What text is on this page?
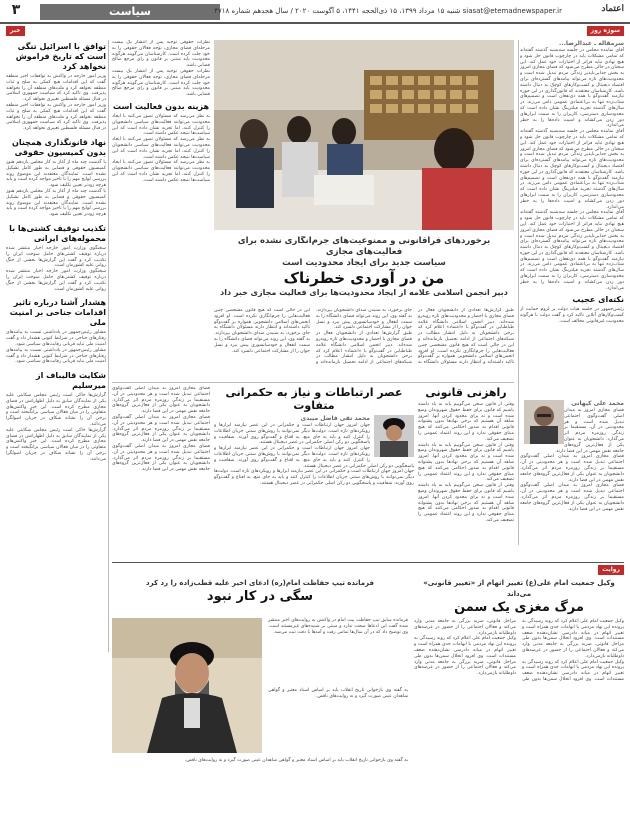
۳	سیاست	siasat@etemadnewspaper.ir شنبه ۱۵ مرداد ۱۳۹۹، ۱۵ ذی‌الحجه ۱۴۴۱، ۵ آگوست ۲۰۲۰ / سال هجدهم شماره ۴۷۱۸	اعتماد
سوژه روز
خبر
سرمقاله ـ عبدالرضا...
آقای نماینده مجلس در جلسه سه‌شنبه گذشته گفته‌اند که تمامی مشکلات باید در چارچوب قانون حل شود و هیچ نهادی نباید فراتر از اختیارات خود عمل کند. این سخنان در حالی مطرح می‌شود که فضای مجازی امروز به بخش جدایی‌ناپذیر زندگی مردم تبدیل شده است و محدودیت‌های تازه می‌تواند پیامدهای گسترده‌ای برای اقتصاد دیجیتال و کسب‌وکارهای کوچک به دنبال داشته باشد. کارشناسان معتقدند که قانون‌گذاری در این حوزه نیازمند گفت‌وگو با همه ذی‌نفعان است و تصمیم‌های شتاب‌زده تنها به بی‌اعتمادی عمومی دامن می‌زند. در سال‌های گذشته تجربه فیلترینگ نشان داده است که محدودسازی دسترسی، کاربران را به سمت ابزارهای دور زدن می‌کشاند و امنیت داده‌ها را به خطر می‌اندازد.
آقای نماینده مجلس در جلسه سه‌شنبه گذشته گفته‌اند که تمامی مشکلات باید در چارچوب قانون حل شود و هیچ نهادی نباید فراتر از اختیارات خود عمل کند. این سخنان در حالی مطرح می‌شود که فضای مجازی امروز به بخش جدایی‌ناپذیر زندگی مردم تبدیل شده است و محدودیت‌های تازه می‌تواند پیامدهای گسترده‌ای برای اقتصاد دیجیتال و کسب‌وکارهای کوچک به دنبال داشته باشد. کارشناسان معتقدند که قانون‌گذاری در این حوزه نیازمند گفت‌وگو با همه ذی‌نفعان است و تصمیم‌های شتاب‌زده تنها به بی‌اعتمادی عمومی دامن می‌زند. در سال‌های گذشته تجربه فیلترینگ نشان داده است که محدودسازی دسترسی، کاربران را به سمت ابزارهای دور زدن می‌کشاند و امنیت داده‌ها را به خطر می‌اندازد.
آقای نماینده مجلس در جلسه سه‌شنبه گذشته گفته‌اند که تمامی مشکلات باید در چارچوب قانون حل شود و هیچ نهادی نباید فراتر از اختیارات خود عمل کند. این سخنان در حالی مطرح می‌شود که فضای مجازی امروز به بخش جدایی‌ناپذیر زندگی مردم تبدیل شده است و محدودیت‌های تازه می‌تواند پیامدهای گسترده‌ای برای اقتصاد دیجیتال و کسب‌وکارهای کوچک به دنبال داشته باشد. کارشناسان معتقدند که قانون‌گذاری در این حوزه نیازمند گفت‌وگو با همه ذی‌نفعان است و تصمیم‌های شتاب‌زده تنها به بی‌اعتمادی عمومی دامن می‌زند. در سال‌های گذشته تجربه فیلترینگ نشان داده است که محدودسازی دسترسی، کاربران را به سمت ابزارهای دور زدن می‌کشاند و امنیت داده‌ها را به خطر می‌اندازد.
نکته‌ای عجیب
رئیس‌جمهور در جلسه هیات دولت بر لزوم حمایت از کسب‌وکارهای آنلاین تاکید کرد و گفت دولت با هرگونه محدودیت غیرقانونی مخالف است.
برخوردهای فراقانونی و ممنوعیت‌های جرم‌انگاری نشده برای فعالیت‌های مجازی
سیاست جدید برای ایجاد محدودیت است
من در آوردی خطرناک
دبیر انجمن اسلامی علامه از ایجاد محدودیت‌ها برای فعالیت مجازی خبر داد
طبق گزارش‌ها تعدادی از دانشجویان فعال در فضای مجازی با احضار و محدودیت‌های تازه روبه‌رو شده‌اند. دبیر انجمن اسلامی دانشگاه علامه طباطبایی در گفت‌وگو با «اعتماد» اعلام کرد که برخی دانشجویان به دلیل انتشار مطالب در شبکه‌های اجتماعی از ادامه تحصیل بازمانده‌اند و این در حالی است که هیچ قانون مشخصی چنین فعالیت‌هایی را جرم‌انگاری نکرده است. او افزود انجمن‌های اسلامی دانشجویی همواره بر گفت‌وگو تاکید داشته‌اند و انتظار دارند مسئولان دانشگاه به جای برخورد، به شنیدن صدای دانشجویان بپردازند. به گفته وی، این روند می‌تواند فضای دانشگاه را به سمت انفعال و خودسانسوری پیش ببرد و نسل جوان را از مشارکت اجتماعی دلسرد کند.
طبق گزارش‌ها تعدادی از دانشجویان فعال در فضای مجازی با احضار و محدودیت‌های تازه روبه‌رو شده‌اند. دبیر انجمن اسلامی دانشگاه علامه طباطبایی در گفت‌وگو با «اعتماد» اعلام کرد که برخی دانشجویان به دلیل انتشار مطالب در شبکه‌های اجتماعی از ادامه تحصیل بازمانده‌اند و این در حالی است که هیچ قانون مشخصی چنین فعالیت‌هایی را جرم‌انگاری نکرده است. او افزود انجمن‌های اسلامی دانشجویی همواره بر گفت‌وگو تاکید داشته‌اند و انتظار دارند مسئولان دانشگاه به جای برخورد، به شنیدن صدای دانشجویان بپردازند. به گفته وی، این روند می‌تواند فضای دانشگاه را به سمت انفعال و خودسانسوری پیش ببرد و نسل جوان را از مشارکت اجتماعی دلسرد کند.
توافق با اسرائیل تنگی است که تاریخ فراموش نخواهد کرد
وزیر امور خارجه در واکنش به توافقات اخیر منطقه گفت که این اقدامات هیچ کمکی به صلح و ثبات منطقه نخواهد کرد و ملت‌های منطقه آن را نخواهند پذیرفت. وی تاکید کرد که سیاست جمهوری اسلامی در قبال مسئله فلسطین تغییری نخواهد کرد.
وزیر امور خارجه در واکنش به توافقات اخیر منطقه گفت که این اقدامات هیچ کمکی به صلح و ثبات منطقه نخواهد کرد و ملت‌های منطقه آن را نخواهند پذیرفت. وی تاکید کرد که سیاست جمهوری اسلامی در قبال مسئله فلسطین تغییری نخواهد کرد.
نهاد قانونگذاری همچنان بدون کمیسیون حقوقی
با گذشت چند ماه از آغاز به کار مجلس یازدهم هنوز کمیسیون حقوقی و قضایی به طور کامل تشکیل نشده است. نمایندگان معتقدند این موضوع روند بررسی لوایح مهم را با تاخیر مواجه کرده است و باید هرچه زودتر تعیین تکلیف شود.
با گذشت چند ماه از آغاز به کار مجلس یازدهم هنوز کمیسیون حقوقی و قضایی به طور کامل تشکیل نشده است. نمایندگان معتقدند این موضوع روند بررسی لوایح مهم را با تاخیر مواجه کرده است و باید هرچه زودتر تعیین تکلیف شود.
تکذیب توقیف کشتی‌ها با محموله‌های ایرانی
سخنگوی وزارت امور خارجه اخبار منتشر شده درباره توقیف کشتی‌های حامل سوخت ایران را تکذیب کرد و گفت این گزارش‌ها بخشی از جنگ روانی علیه کشورمان است.
سخنگوی وزارت امور خارجه اخبار منتشر شده درباره توقیف کشتی‌های حامل سوخت ایران را تکذیب کرد و گفت این گزارش‌ها بخشی از جنگ روانی علیه کشورمان است.
هشدار آشنا درباره تاثیر اقدامات جناحی بر امنیت ملی
مشاور رئیس‌جمهور در یادداشتی نسبت به پیامدهای رفتارهای جناحی در شرایط کنونی هشدار داد و گفت امنیت ملی نباید قربانی رقابت‌های سیاسی شود.
مشاور رئیس‌جمهور در یادداشتی نسبت به پیامدهای رفتارهای جناحی در شرایط کنونی هشدار داد و گفت امنیت ملی نباید قربانی رقابت‌های سیاسی شود.
شکایت قالیباف از میرسلیم
گزارش‌ها حاکی است رئیس مجلس شکایتی علیه یکی از نمایندگان سابق به دلیل اظهاراتش در فضای مجازی مطرح کرده است. این خبر واکنش‌های متفاوتی را در میان فعالان سیاسی برانگیخته است و برخی آن را نشانه شکاف در جریان اصولگرا می‌دانند.
گزارش‌ها حاکی است رئیس مجلس شکایتی علیه یکی از نمایندگان سابق به دلیل اظهاراتش در فضای مجازی مطرح کرده است. این خبر واکنش‌های متفاوتی را در میان فعالان سیاسی برانگیخته است و برخی آن را نشانه شکاف در جریان اصولگرا می‌دانند.
نظرات حقوقی توجیه پس از انتشار یک بیست مرحله‌ای فضای مجازی، توجه فعالان حقوقی را به خود جلب کرده است. کارشناسان می‌گویند هرگونه محدودیت باید مبتنی بر قانون و رای مرجع صالح قضایی باشد.
نظرات حقوقی توجیه پس از انتشار یک بیست مرحله‌ای فضای مجازی، توجه فعالان حقوقی را به خود جلب کرده است. کارشناسان می‌گویند هرگونه محدودیت باید مبتنی بر قانون و رای مرجع صالح قضایی باشد.
هزینه بدون فعالیت است
به نظر می‌رسد که مسئولان تصور می‌کنند با ایجاد محدودیت می‌توانند فعالیت‌های سیاسی دانشجویان را کنترل کنند، اما تجربه نشان داده است که این سیاست‌ها نتیجه عکس داشته است.
به نظر می‌رسد که مسئولان تصور می‌کنند با ایجاد محدودیت می‌توانند فعالیت‌های سیاسی دانشجویان را کنترل کنند، اما تجربه نشان داده است که این سیاست‌ها نتیجه عکس داشته است.
به نظر می‌رسد که مسئولان تصور می‌کنند با ایجاد محدودیت می‌توانند فعالیت‌های سیاسی دانشجویان را کنترل کنند، اما تجربه نشان داده است که این سیاست‌ها نتیجه عکس داشته است.
راهزنی قانونی
وقتی از قانون سخن می‌گوییم باید به یاد داشته باشیم که قانون برای حفظ حقوق شهروندان وضع شده است و نه برای محدود کردن آنها. امروز شاهد آن هستیم که برخی نهادها بدون پشتوانه قانونی اقدام به صدور احکامی می‌کنند که هیچ مبنای حقوقی ندارد و این روند اعتماد عمومی را تضعیف می‌کند.
وقتی از قانون سخن می‌گوییم باید به یاد داشته باشیم که قانون برای حفظ حقوق شهروندان وضع شده است و نه برای محدود کردن آنها. امروز شاهد آن هستیم که برخی نهادها بدون پشتوانه قانونی اقدام به صدور احکامی می‌کنند که هیچ مبنای حقوقی ندارد و این روند اعتماد عمومی را تضعیف می‌کند.
وقتی از قانون سخن می‌گوییم باید به یاد داشته باشیم که قانون برای حفظ حقوق شهروندان وضع شده است و نه برای محدود کردن آنها. امروز شاهد آن هستیم که برخی نهادها بدون پشتوانه قانونی اقدام به صدور احکامی می‌کنند که هیچ مبنای حقوقی ندارد و این روند اعتماد عمومی را تضعیف می‌کند.
محمد علی کیهانی
فضای مجازی امروز به میدان اصلی گفت‌وگوی اجتماعی تبدیل شده است و هر محدودیتی در آن، مستقیما بر زندگی روزمره مردم اثر می‌گذارد. دانشجویان به عنوان یکی از فعال‌ترین گروه‌های جامعه نقش مهمی در این فضا دارند.
فضای مجازی امروز به میدان اصلی گفت‌وگوی اجتماعی تبدیل شده است و هر محدودیتی در آن، مستقیما بر زندگی روزمره مردم اثر می‌گذارد. دانشجویان به عنوان یکی از فعال‌ترین گروه‌های جامعه نقش مهمی در این فضا دارند.
فضای مجازی امروز به میدان اصلی گفت‌وگوی اجتماعی تبدیل شده است و هر محدودیتی در آن، مستقیما بر زندگی روزمره مردم اثر می‌گذارد. دانشجویان به عنوان یکی از فعال‌ترین گروه‌های جامعه نقش مهمی در این فضا دارند.
عصر ارتباطات و نیاز به حکمرانی متفاوت
محمد تقی فاضل میبدی
جهان امروز جهان ارتباطات است و حکمرانی در این عصر نیازمند ابزارها و رویکردهای تازه است. دولت‌ها دیگر نمی‌توانند با روش‌های سنتی جریان اطلاعات را کنترل کنند و باید به جای منع، به اقناع و گفت‌وگو روی آورند. شفافیت و پاسخگویی دو رکن اصلی حکمرانی در عصر دیجیتال هستند.
جهان امروز جهان ارتباطات است و حکمرانی در این عصر نیازمند ابزارها و رویکردهای تازه است. دولت‌ها دیگر نمی‌توانند با روش‌های سنتی جریان اطلاعات را کنترل کنند و باید به جای منع، به اقناع و گفت‌وگو روی آورند. شفافیت و پاسخگویی دو رکن اصلی حکمرانی در عصر دیجیتال هستند.
جهان امروز جهان ارتباطات است و حکمرانی در این عصر نیازمند ابزارها و رویکردهای تازه است. دولت‌ها دیگر نمی‌توانند با روش‌های سنتی جریان اطلاعات را کنترل کنند و باید به جای منع، به اقناع و گفت‌وگو روی آورند. شفافیت و پاسخگویی دو رکن اصلی حکمرانی در عصر دیجیتال هستند.
فضای مجازی امروز به میدان اصلی گفت‌وگوی اجتماعی تبدیل شده است و هر محدودیتی در آن، مستقیما بر زندگی روزمره مردم اثر می‌گذارد. دانشجویان به عنوان یکی از فعال‌ترین گروه‌های جامعه نقش مهمی در این فضا دارند.
فضای مجازی امروز به میدان اصلی گفت‌وگوی اجتماعی تبدیل شده است و هر محدودیتی در آن، مستقیما بر زندگی روزمره مردم اثر می‌گذارد. دانشجویان به عنوان یکی از فعال‌ترین گروه‌های جامعه نقش مهمی در این فضا دارند.
فضای مجازی امروز به میدان اصلی گفت‌وگوی اجتماعی تبدیل شده است و هر محدودیتی در آن، مستقیما بر زندگی روزمره مردم اثر می‌گذارد. دانشجویان به عنوان یکی از فعال‌ترین گروه‌های جامعه نقش مهمی در این فضا دارند.
روایت
وکیل جمعیت امام علی(ع) تغییر اتهام از «تغییر قانونی» می‌داند
مرگ مغزی یک سمن
وکیل جمعیت امام علی اعلام کرد که روند رسیدگی به پرونده این نهاد مردمی با ابهامات جدی همراه است و تغییر اتهام در میانه دادرسی نشان‌دهنده ضعف مستندات است. وی افزود انحلال سمن‌ها بدون طی مراحل قانونی، ضربه بزرگی به جامعه مدنی وارد می‌کند و فعالان اجتماعی را از حضور در عرصه‌های داوطلبانه بازمی‌دارد.
وکیل جمعیت امام علی اعلام کرد که روند رسیدگی به پرونده این نهاد مردمی با ابهامات جدی همراه است و تغییر اتهام در میانه دادرسی نشان‌دهنده ضعف مستندات است. وی افزود انحلال سمن‌ها بدون طی مراحل قانونی، ضربه بزرگی به جامعه مدنی وارد می‌کند و فعالان اجتماعی را از حضور در عرصه‌های داوطلبانه بازمی‌دارد.
وکیل جمعیت امام علی اعلام کرد که روند رسیدگی به پرونده این نهاد مردمی با ابهامات جدی همراه است و تغییر اتهام در میانه دادرسی نشان‌دهنده ضعف مستندات است. وی افزود انحلال سمن‌ها بدون طی مراحل قانونی، ضربه بزرگی به جامعه مدنی وارد می‌کند و فعالان اجتماعی را از حضور در عرصه‌های داوطلبانه بازمی‌دارد.
فرمانده تیپ حفاظت امام(ره) ادعای اخیر علیه قطب‌زاده را رد کرد
سگی در کار نبود
فرمانده سابق تیپ حفاظت بیت امام در واکنش به روایت‌های اخیر منتشر شده گفت این ادعاها صحت ندارد و مبتنی بر شنیده‌های غیرمستند است. وی توضیح داد که در آن سال‌ها تمامی رفت و آمدها با دقت ثبت می‌شد.
به گفته وی بازخوانی تاریخ انقلاب باید بر اساس اسناد معتبر و گواهی شاهدان عینی صورت گیرد و نه روایت‌های ناقص.
به گفته وی بازخوانی تاریخ انقلاب باید بر اساس اسناد معتبر و گواهی شاهدان عینی صورت گیرد و نه روایت‌های ناقص.
